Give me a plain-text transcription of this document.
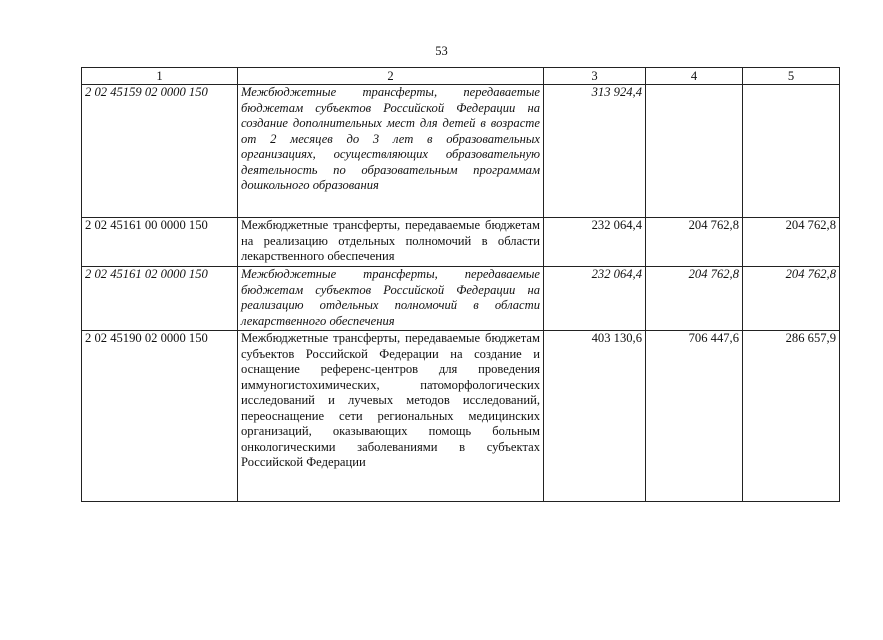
53
1	2	3	4	5
2 02 45159 02 0000 150	Межбюджетные трансферты, передаваеmые бюджетам субъектов Российской Федерации на создание дополнительных мест для детей в возрасте от 2 месяцев до 3 лет в образовательных организациях, осуществляющих образовательную деятельность по образовательным программам дошкольного образования	313 924,4		
2 02 45161 00 0000 150	Межбюджетные трансферты, передаваемые бюджетам на реализацию отдельных полномочий в области лекарственного обеспечения	232 064,4	204 762,8	204 762,8
2 02 45161 02 0000 150	Межбюджетные трансферты, передаваемые бюджетам субъектов Российской Федерации на реализацию отдельных полномочий в области лекарственного обеспечения	232 064,4	204 762,8	204 762,8
2 02 45190 02 0000 150	Межбюджетные трансферты, передаваемые бюджетам субъектов Российской Федерации на создание и оснащение референс-центров для проведения иммуногистохимических, патоморфологических исследований и лучевых методов исследований, переоснащение сети региональных медицинских организаций, оказывающих помощь больным онкологическими заболеваниями в субъектах Российской Федерации	403 130,6	706 447,6	286 657,9
